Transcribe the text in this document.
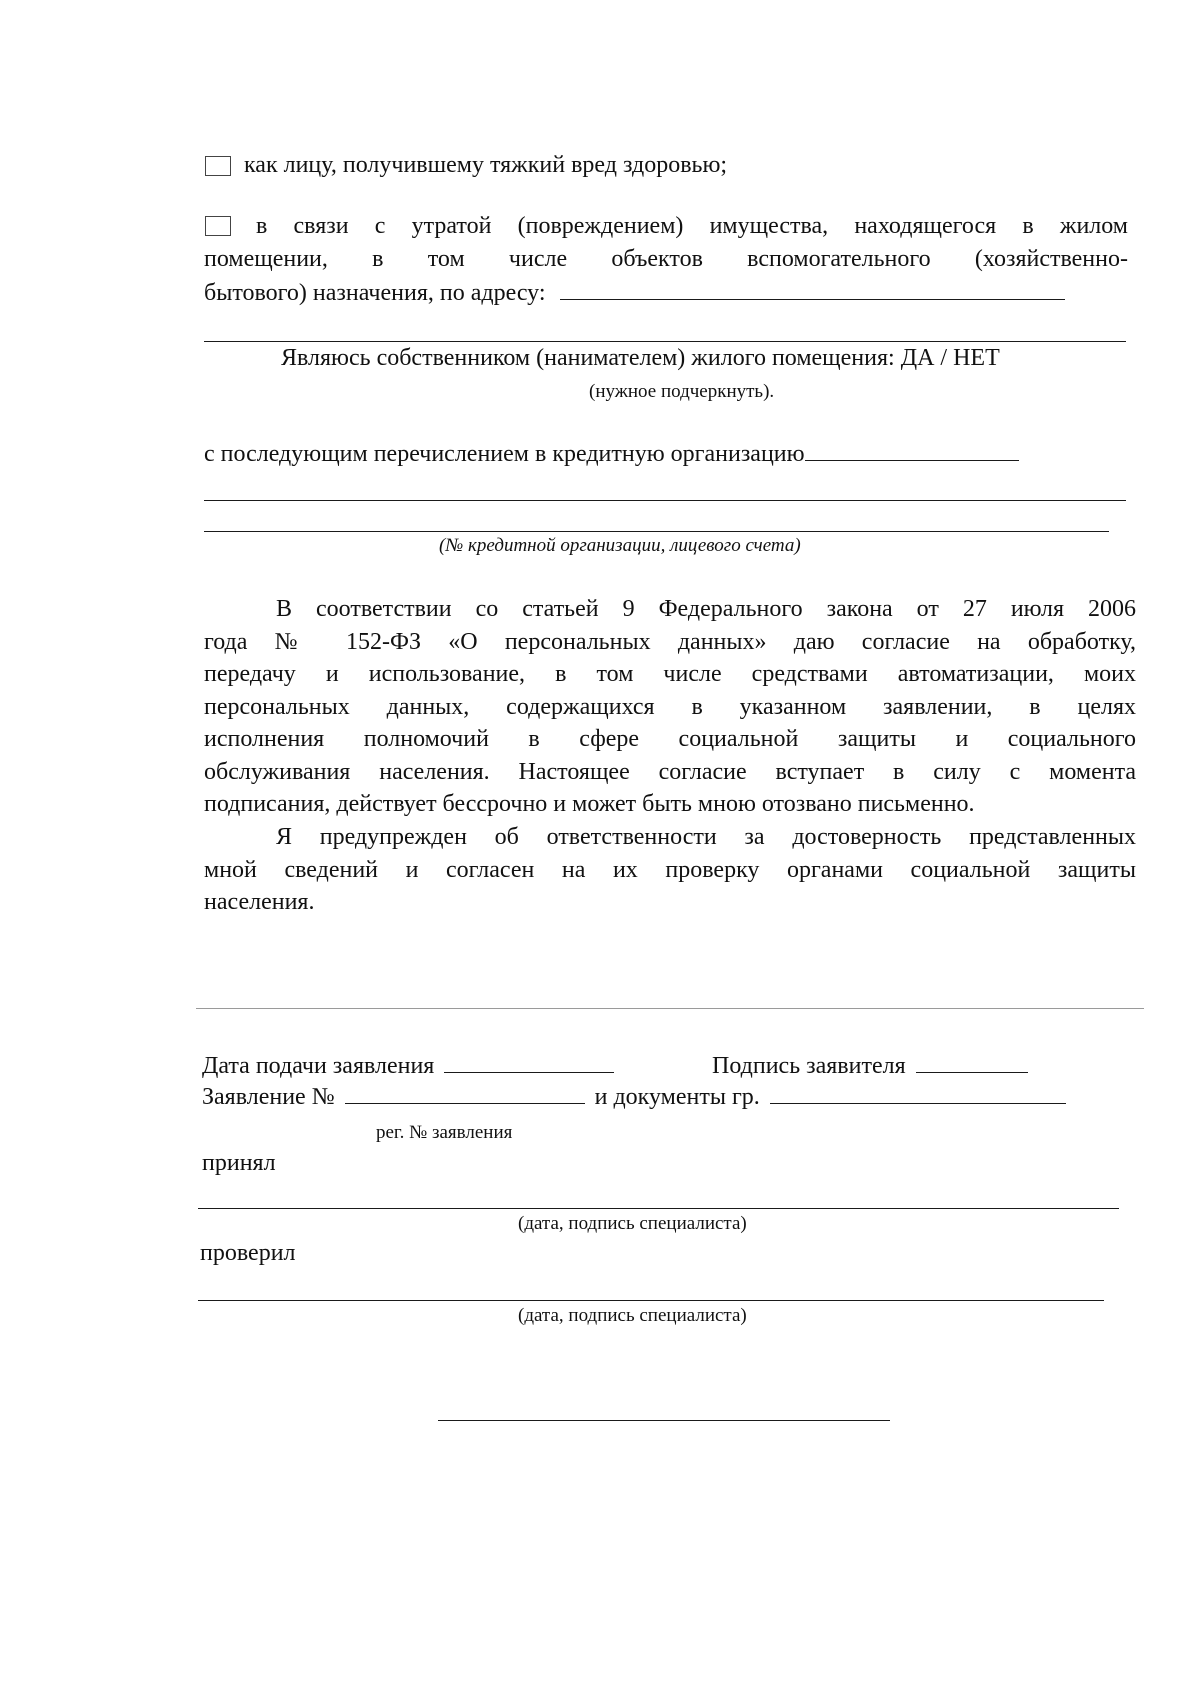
как лицу, получившему тяжкий вред здоровью;
в связи с утратой (повреждением) имущества, находящегося в жилом
помещении, в том числе объектов вспомогательного (хозяйственно-
бытового) назначения, по адресу:
Являюсь собственником (нанимателем) жилого помещения: ДА / НЕТ
(нужное подчеркнуть).
с последующим перечислением в кредитную организацию
(№ кредитной организации, лицевого счета)
В соответствии со статьей 9 Федерального закона от 27 июля 2006
года № 152-ФЗ «О персональных данных» даю согласие на обработку,
передачу и использование, в том числе средствами автоматизации, моих
персональных данных, содержащихся в указанном заявлении, в целях
исполнения полномочий в сфере социальной защиты и социального
обслуживания населения. Настоящее согласие вступает в силу с момента
подписания, действует бессрочно и может быть мною отозвано письменно.
Я предупрежден об ответственности за достоверность представленных
мной сведений и согласен на их проверку органами социальной защиты
населения.
Дата подачи заявления	Подпись заявителя
Заявление №	и документы гр.
рег. № заявления
принял
(дата, подпись специалиста)
проверил
(дата, подпись специалиста)
